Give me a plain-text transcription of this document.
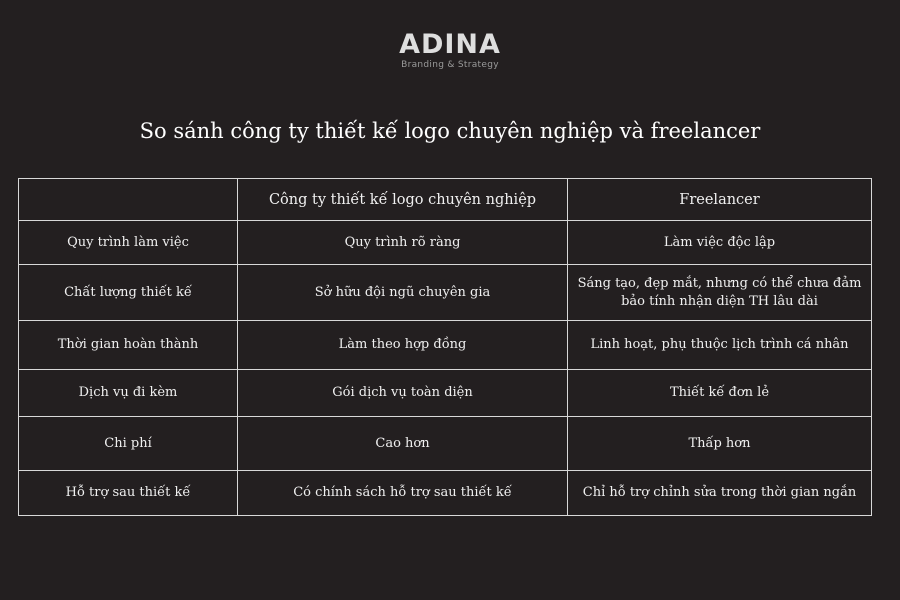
ADINA
Branding & Strategy
So sánh công ty thiết kế logo chuyên nghiệp và freelancer
	Công ty thiết kế logo chuyên nghiệp	Freelancer
Quy trình làm việc	Quy trình rõ ràng	Làm việc độc lập
Chất lượng thiết kế	Sở hữu đội ngũ chuyên gia	Sáng tạo, đẹp mắt, nhưng có thể chưa đảm bảo tính nhận diện TH lâu dài
Thời gian hoàn thành	Làm theo hợp đồng	Linh hoạt, phụ thuộc lịch trình cá nhân
Dịch vụ đi kèm	Gói dịch vụ toàn diện	Thiết kế đơn lẻ
Chi phí	Cao hơn	Thấp hơn
Hỗ trợ sau thiết kế	Có chính sách hỗ trợ sau thiết kế	Chỉ hỗ trợ chỉnh sửa trong thời gian ngắn
